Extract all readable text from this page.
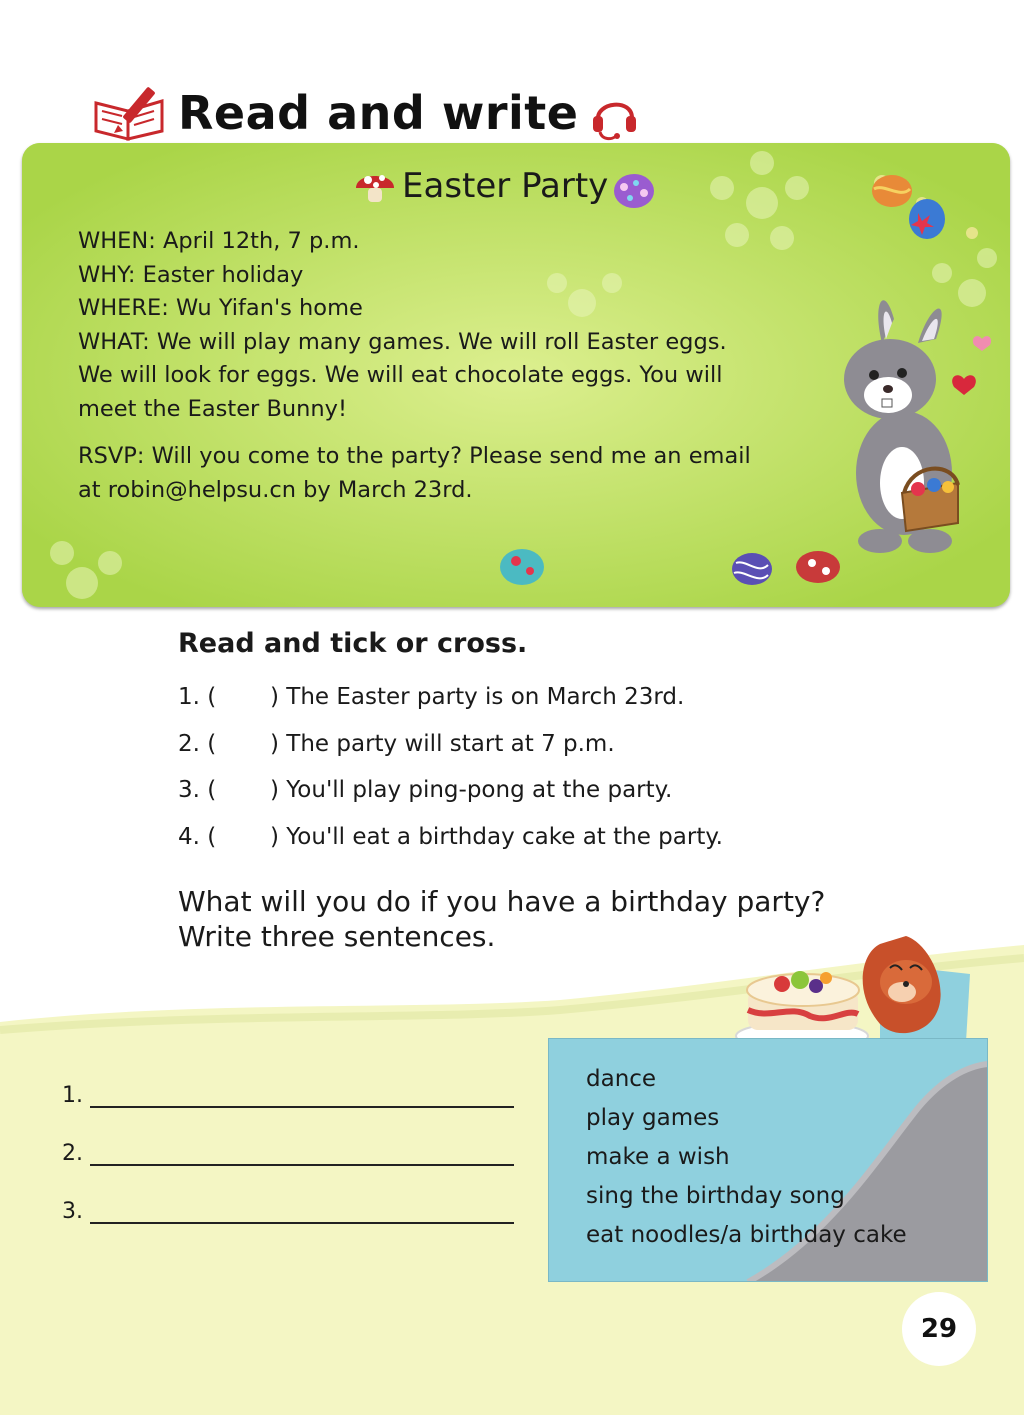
Read and write
Easter Party

WHEN: April 12th, 7 p.m.

WHY: Easter holiday

WHERE: Wu Yifan's home

WHAT: We will play many games. We will roll Easter eggs.

We will look for eggs. We will eat chocolate eggs. You will

meet the Easter Bunny!

RSVP: Will you come to the party? Please send me an email

at robin@helpsu.cn by March 23rd.

Read and tick or cross.
1. (	)
The Easter party is on March 23rd.
2. (	)
The party will start at 7 p.m.
3. (	)
You'll play ping-pong at the party.
4. (	)
You'll eat a birthday cake at the party.
What will you do if you have a birthday party?
Write three sentences.
1.
2.
3.
dance
play games
make a wish
sing the birthday song
eat noodles/a birthday cake
29
